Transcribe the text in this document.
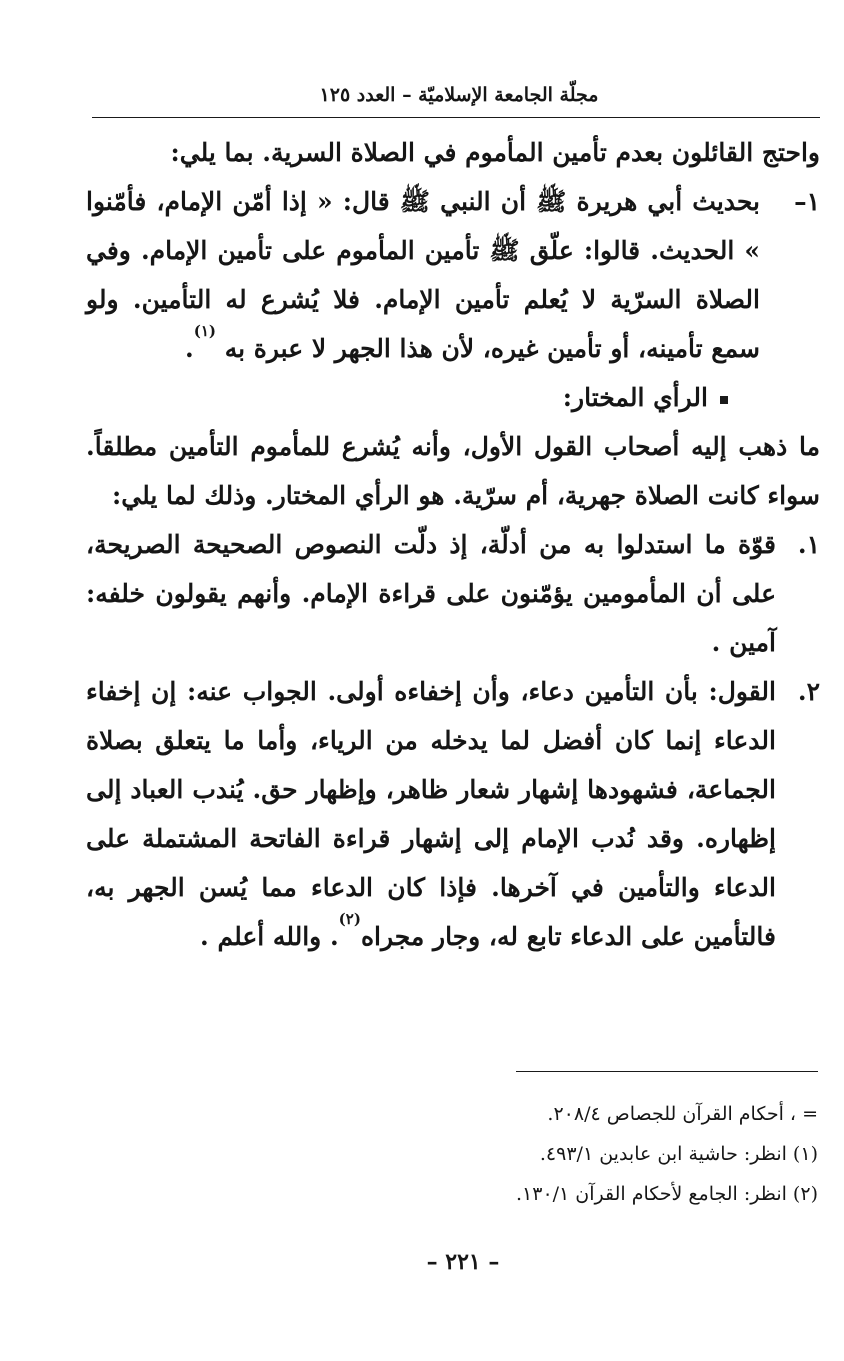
مجلّة الجامعة الإسلاميّة – العدد ١٢٥

واحتج القائلون بعدم تأمين المأموم في الصلاة السرية. بما يلي:

١–
بحديث أبي هريرة ﷺ أن النبي ﷺ قال: « إذا أمّن الإمام، فأمّنوا » الحديث. قالوا: علّق ﷺ تأمين المأموم على تأمين الإمام. وفي الصلاة السرّية لا يُعلم تأمين الإمام. فلا يُشرع له التأمين. ولو سمع تأمينه، أو تأمين غيره، لأن هذا الجهر لا عبرة به $^{(١)}$.

الرأي المختار:

ما ذهب إليه أصحاب القول الأول، وأنه يُشرع للمأموم التأمين مطلقاً. سواء كانت الصلاة جهرية، أم سرّية. هو الرأي المختار. وذلك لما يلي:

١.
قوّة ما استدلوا به من أدلّة، إذ دلّت النصوص الصحيحة الصريحة، على أن المأمومين يؤمّنون على قراءة الإمام. وأنهم يقولون خلفه: آمين .

٢.
القول: بأن التأمين دعاء، وأن إخفاءه أولى. الجواب عنه: إن إخفاء الدعاء إنما كان أفضل لما يدخله من الرياء، وأما ما يتعلق بصلاة الجماعة، فشهودها إشهار شعار ظاهر، وإظهار حق. يُندب العباد إلى إظهاره. وقد نُدب الإمام إلى إشهار قراءة الفاتحة المشتملة على الدعاء والتأمين في آخرها. فإذا كان الدعاء مما يُسن الجهر به، فالتأمين على الدعاء تابع له، وجار مجراه$^{(٢)}$. والله أعلم .

= ، أحكام القرآن للجصاص ٢٠٨/٤.

(١) انظر: حاشية ابن عابدين ٤٩٣/١.

(٢) انظر: الجامع لأحكام القرآن ١٣٠/١.

– ٢٢١ –
